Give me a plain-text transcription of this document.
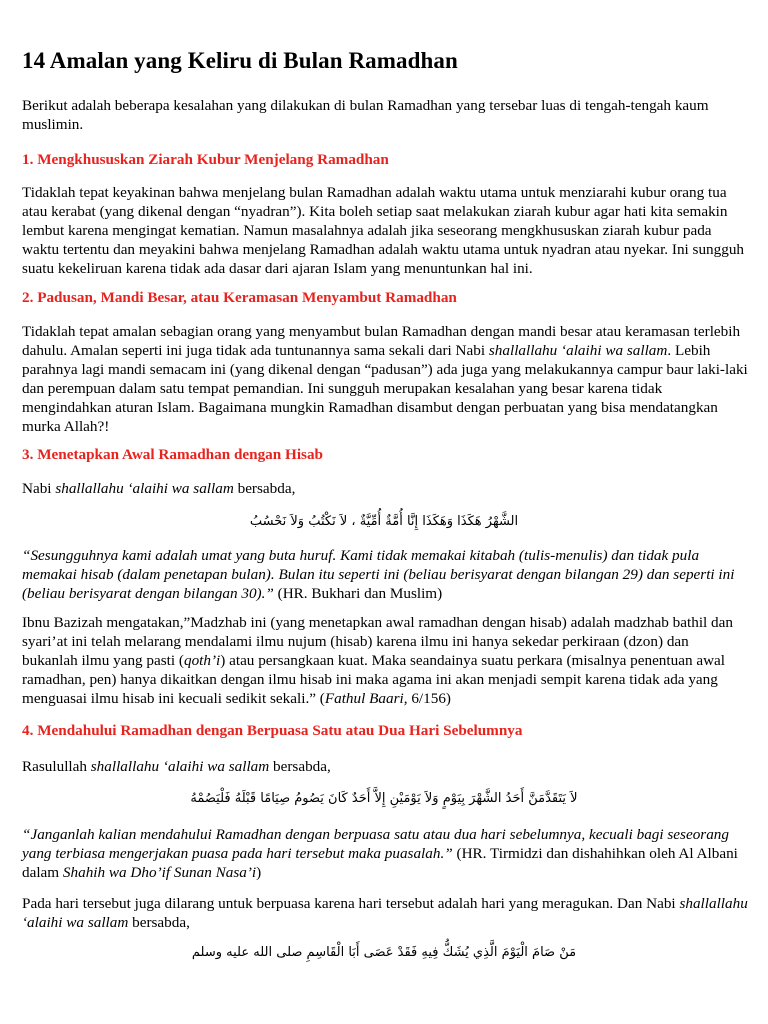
14 Amalan yang Keliru di Bulan Ramadhan

Berikut adalah beberapa kesalahan yang dilakukan di bulan Ramadhan yang tersebar luas di tengah-tengah kaum muslimin.

1. Mengkhususkan Ziarah Kubur Menjelang Ramadhan

Tidaklah tepat keyakinan bahwa menjelang bulan Ramadhan adalah waktu utama untuk menziarahi kubur orang tua atau kerabat (yang dikenal dengan “nyadran”). Kita boleh setiap saat melakukan ziarah kubur agar hati kita semakin lembut karena mengingat kematian. Namun masalahnya adalah jika seseorang mengkhususkan ziarah kubur pada waktu tertentu dan meyakini bahwa menjelang Ramadhan adalah waktu utama untuk nyadran atau nyekar. Ini sungguh suatu kekeliruan karena tidak ada dasar dari ajaran Islam yang menuntunkan hal ini.

2. Padusan, Mandi Besar, atau Keramasan Menyambut Ramadhan

Tidaklah tepat amalan sebagian orang yang menyambut bulan Ramadhan dengan mandi besar atau keramasan terlebih dahulu. Amalan seperti ini juga tidak ada tuntunannya sama sekali dari Nabi shallallahu ‘alaihi wa sallam. Lebih parahnya lagi mandi semacam ini (yang dikenal dengan “padusan”) ada juga yang melakukannya campur baur laki-laki dan perempuan dalam satu tempat pemandian. Ini sungguh merupakan kesalahan yang besar karena tidak mengindahkan aturan Islam. Bagaimana mungkin Ramadhan disambut dengan perbuatan yang bisa mendatangkan murka Allah?!

3. Menetapkan Awal Ramadhan dengan Hisab

Nabi shallallahu ‘alaihi wa sallam bersabda,

الشَّهْرُ هَكَذَا وَهَكَذَا إِنَّا أُمَّةٌ أُمِّيَّةٌ ، لاَ نَكْتُبُ وَلاَ نَحْسُبُ

“Sesungguhnya kami adalah umat yang buta huruf. Kami tidak memakai kitabah (tulis-menulis) dan tidak pula memakai hisab (dalam penetapan bulan). Bulan itu seperti ini (beliau berisyarat dengan bilangan 29) dan seperti ini (beliau berisyarat dengan bilangan 30).” (HR. Bukhari dan Muslim)

Ibnu Bazizah mengatakan,”Madzhab ini (yang menetapkan awal ramadhan dengan hisab) adalah madzhab bathil dan syari’at ini telah melarang mendalami ilmu nujum (hisab) karena ilmu ini hanya sekedar perkiraan (dzon) dan bukanlah ilmu yang pasti (qoth’i) atau persangkaan kuat. Maka seandainya suatu perkara (misalnya penentuan awal ramadhan, pen) hanya dikaitkan dengan ilmu hisab ini maka agama ini akan menjadi sempit karena tidak ada yang menguasai ilmu hisab ini kecuali sedikit sekali.” (Fathul Baari, 6/156)

4. Mendahului Ramadhan dengan Berpuasa Satu atau Dua Hari Sebelumnya

Rasulullah shallallahu ‘alaihi wa sallam bersabda,

لاَ يَتَقَدَّمَنَّ أَحَدُ الشَّهْرَ بِيَوْمٍ وَلاَ يَوْمَيْنِ إِلاَّ أَحَدٌ كَانَ يَصُومُ صِيَامًا قَبْلَهُ فَلْيَصُمْهُ

“Janganlah kalian mendahului Ramadhan dengan berpuasa satu atau dua hari sebelumnya, kecuali bagi seseorang yang terbiasa mengerjakan puasa pada hari tersebut maka puasalah.” (HR. Tirmidzi dan dishahihkan oleh Al Albani dalam Shahih wa Dho’if Sunan Nasa’i)

Pada hari tersebut juga dilarang untuk berpuasa karena hari tersebut adalah hari yang meragukan. Dan Nabi shallallahu ‘alaihi wa sallam bersabda,

مَنْ صَامَ الْيَوْمَ الَّذِي يُشَكُّ فِيهِ فَقَدْ عَصَى أَبَا الْقَاسِمِ صلى الله عليه وسلم
